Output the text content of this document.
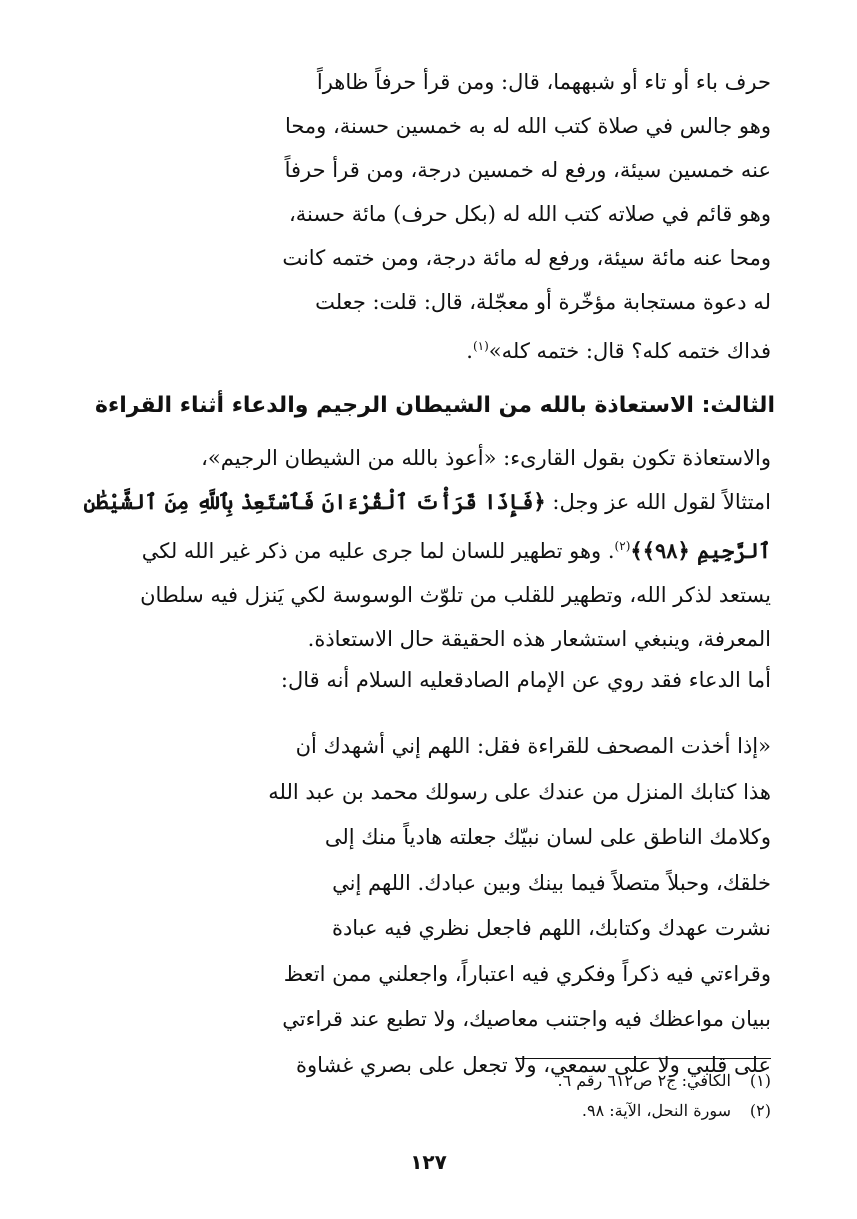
حرف باء أو تاء أو شبههما، قال: ومن قرأ حرفاً ظاهراً
وهو جالس في صلاة كتب الله له به خمسين حسنة، ومحا
عنه خمسين سيئة، ورفع له خمسين درجة، ومن قرأ حرفاً
وهو قائم في صلاته كتب الله له (بكل حرف) مائة حسنة،
ومحا عنه مائة سيئة، ورفع له مائة درجة، ومن ختمه كانت
له دعوة مستجابة مؤخّرة أو معجّلة، قال: قلت: جعلت
فداك ختمه كله؟ قال: ختمه كله»$^{(١)}$.
الثالث: الاستعاذة بالله من الشيطان الرجيم والدعاء أثناء القراءة
والاستعاذة تكون بقول القارىء: «أعوذ بالله من الشيطان الرجيم»،
امتثالاً لقول الله عز وجل: ﴿فَإِذَا قَرَأْتَ ٱلْقُرْءَانَ فَٱسْتَعِذْ بِٱللَّهِ مِنَ ٱلشَّيْطَٰنِ
ٱلرَّجِيمِ ﴿٩٨﴾﴾$^{(٢)}$. وهو تطهير للسان لما جرى عليه من ذكر غير الله لكي
يستعد لذكر الله، وتطهير للقلب من تلوّث الوسوسة لكي يَنزل فيه سلطان
المعرفة، وينبغي استشعار هذه الحقيقة حال الاستعاذة.
أما الدعاء فقد روي عن الإمام الصادقعليه السلام أنه قال:
«إذا أخذت المصحف للقراءة فقل: اللهم إني أشهدك أن
هذا كتابك المنزل من عندك على رسولك محمد بن عبد الله
وكلامك الناطق على لسان نبيّك جعلته هادياً منك إلى
خلقك، وحبلاً متصلاً فيما بينك وبين عبادك. اللهم إني
نشرت عهدك وكتابك، اللهم فاجعل نظري فيه عبادة
وقراءتي فيه ذكراً وفكري فيه اعتباراً، واجعلني ممن اتعظ
ببيان مواعظك فيه واجتنب معاصيك، ولا تطبع عند قراءتي
على قلبي ولا على سمعي، ولا تجعل على بصري غشاوة
(١)الكافي: ج٢ ص٦١٢ رقم ٦.
(٢)سورة النحل، الآية: ٩٨.
١٢٧
